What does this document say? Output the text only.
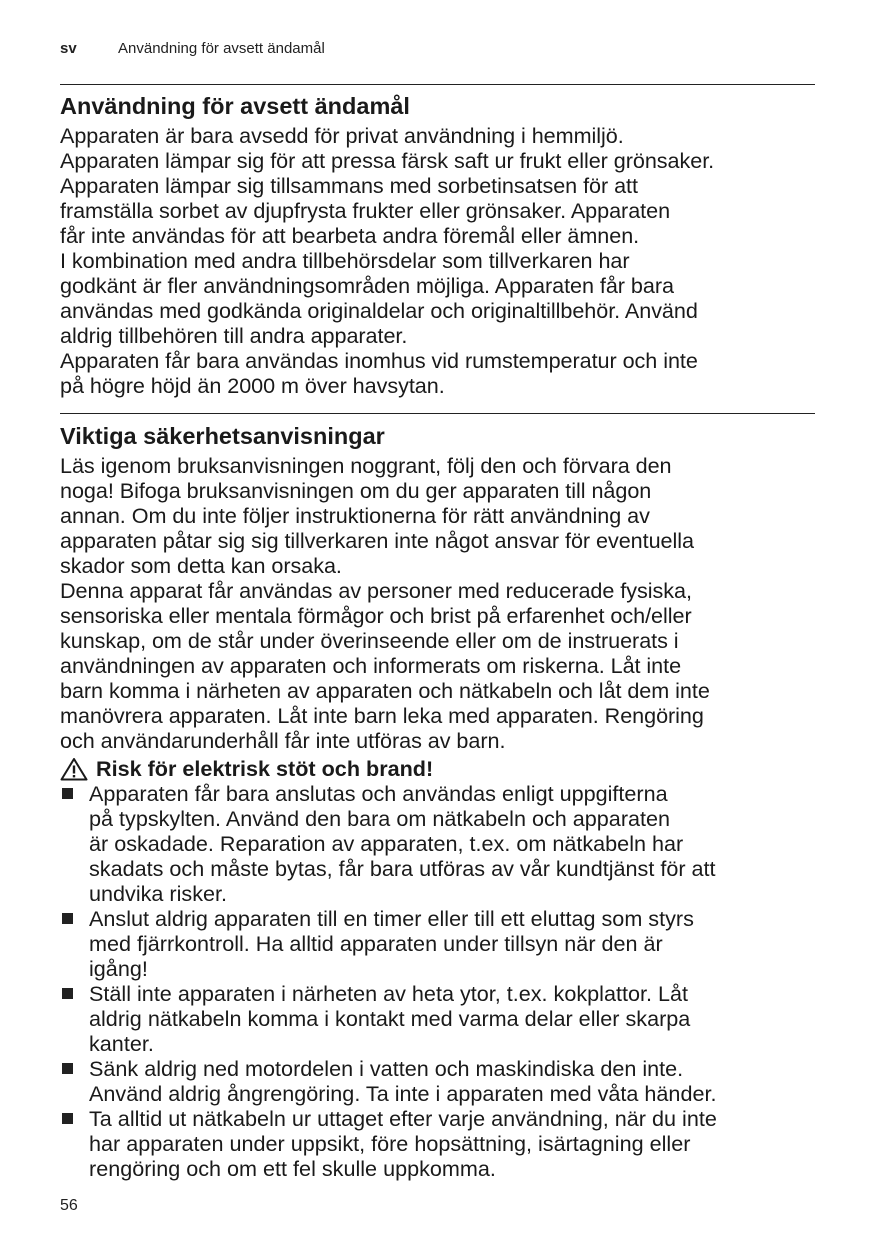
sv	Användning för avsett ändamål
Användning för avsett ändamål

Apparaten är bara avsedd för privat användning i hemmiljö.
Apparaten lämpar sig för att pressa färsk saft ur frukt eller grönsaker.
Apparaten lämpar sig tillsammans med sorbetinsatsen för att
framställa sorbet av djupfrysta frukter eller grönsaker. Apparaten
får inte användas för att bearbeta andra föremål eller ämnen.
I kombination med andra tillbehörsdelar som tillverkaren har
godkänt är fler användningsområden möjliga. Apparaten får bara
användas med godkända originaldelar och originaltillbehör. Använd
aldrig tillbehören till andra apparater.
Apparaten får bara användas inomhus vid rumstemperatur och inte
på högre höjd än 2000 m över havsytan.

Viktiga säkerhetsanvisningar

Läs igenom bruksanvisningen noggrant, följ den och förvara den
noga! Bifoga bruksanvisningen om du ger apparaten till någon
annan. Om du inte följer instruktionerna för rätt användning av
apparaten påtar sig sig tillverkaren inte något ansvar för eventuella
skador som detta kan orsaka.

Denna apparat får användas av personer med reducerade fysiska,
sensoriska eller mentala förmågor och brist på erfarenhet och/eller
kunskap, om de står under överinseende eller om de instruerats i
användningen av apparaten och informerats om riskerna. Låt inte
barn komma i närheten av apparaten och nätkabeln och låt dem inte
manövrera apparaten. Låt inte barn leka med apparaten. Rengöring
och användarunderhåll får inte utföras av barn.

Risk för elektrisk stöt och brand!
Apparaten får bara anslutas och användas enligt uppgifterna
på typskylten. Använd den bara om nätkabeln och apparaten
är oskadade. Reparation av apparaten, t.ex. om nätkabeln har
skadats och måste bytas, får bara utföras av vår kundtjänst för att
undvika risker.
Anslut aldrig apparaten till en timer eller till ett eluttag som styrs
med fjärrkontroll. Ha alltid apparaten under tillsyn när den är
igång!
Ställ inte apparaten i närheten av heta ytor, t.ex. kokplattor. Låt
aldrig nätkabeln komma i kontakt med varma delar eller skarpa
kanter.
Sänk aldrig ned motordelen i vatten och maskindiska den inte.
Använd aldrig ångrengöring. Ta inte i apparaten med våta händer.
Ta alltid ut nätkabeln ur uttaget efter varje användning, när du inte
har apparaten under uppsikt, före hopsättning, isärtagning eller
rengöring och om ett fel skulle uppkomma.
56
